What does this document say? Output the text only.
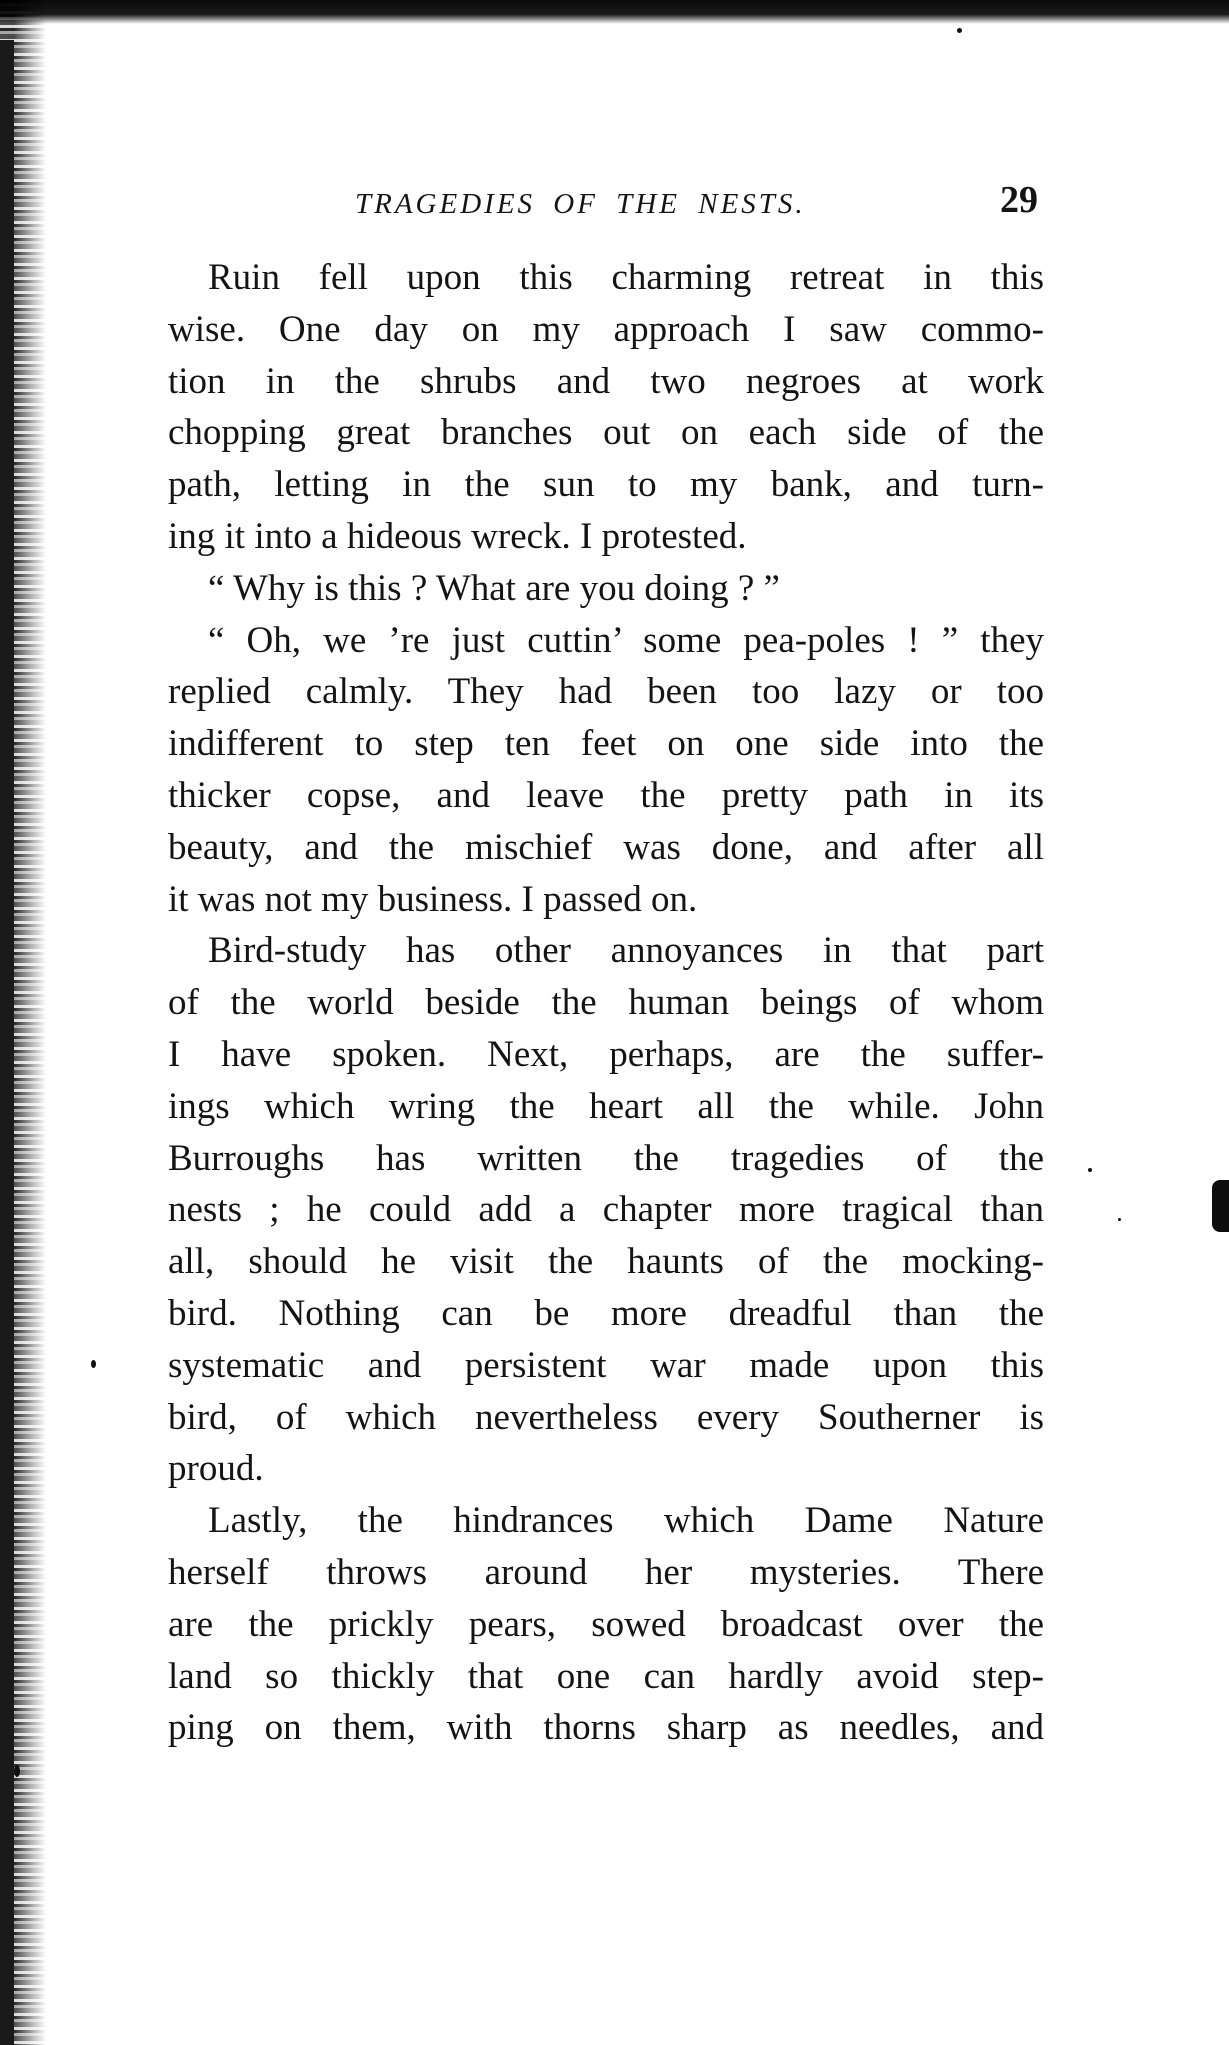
TRAGEDIES OF THE NESTS.	29

Ruin fell upon this charming retreat in this
wise. One day on my approach I saw commo-
tion in the shrubs and two negroes at work
chopping great branches out on each side of the
path, letting in the sun to my bank, and turn-
ing it into a hideous wreck. I protested.

“ Why is this ? What are you doing ? ”

“ Oh, we ’re just cuttin’ some pea-poles ! ” they
replied calmly. They had been too lazy or too
indifferent to step ten feet on one side into the
thicker copse, and leave the pretty path in its
beauty, and the mischief was done, and after all
it was not my business. I passed on.

Bird-study has other annoyances in that part
of the world beside the human beings of whom
I have spoken. Next, perhaps, are the suffer-
ings which wring the heart all the while. John
Burroughs has written the tragedies of the
nests ; he could add a chapter more tragical than
all, should he visit the haunts of the mocking-
bird. Nothing can be more dreadful than the
systematic and persistent war made upon this
bird, of which nevertheless every Southerner is
proud.

Lastly, the hindrances which Dame Nature
herself throws around her mysteries. There
are the prickly pears, sowed broadcast over the
land so thickly that one can hardly avoid step-
ping on them, with thorns sharp as needles, and
